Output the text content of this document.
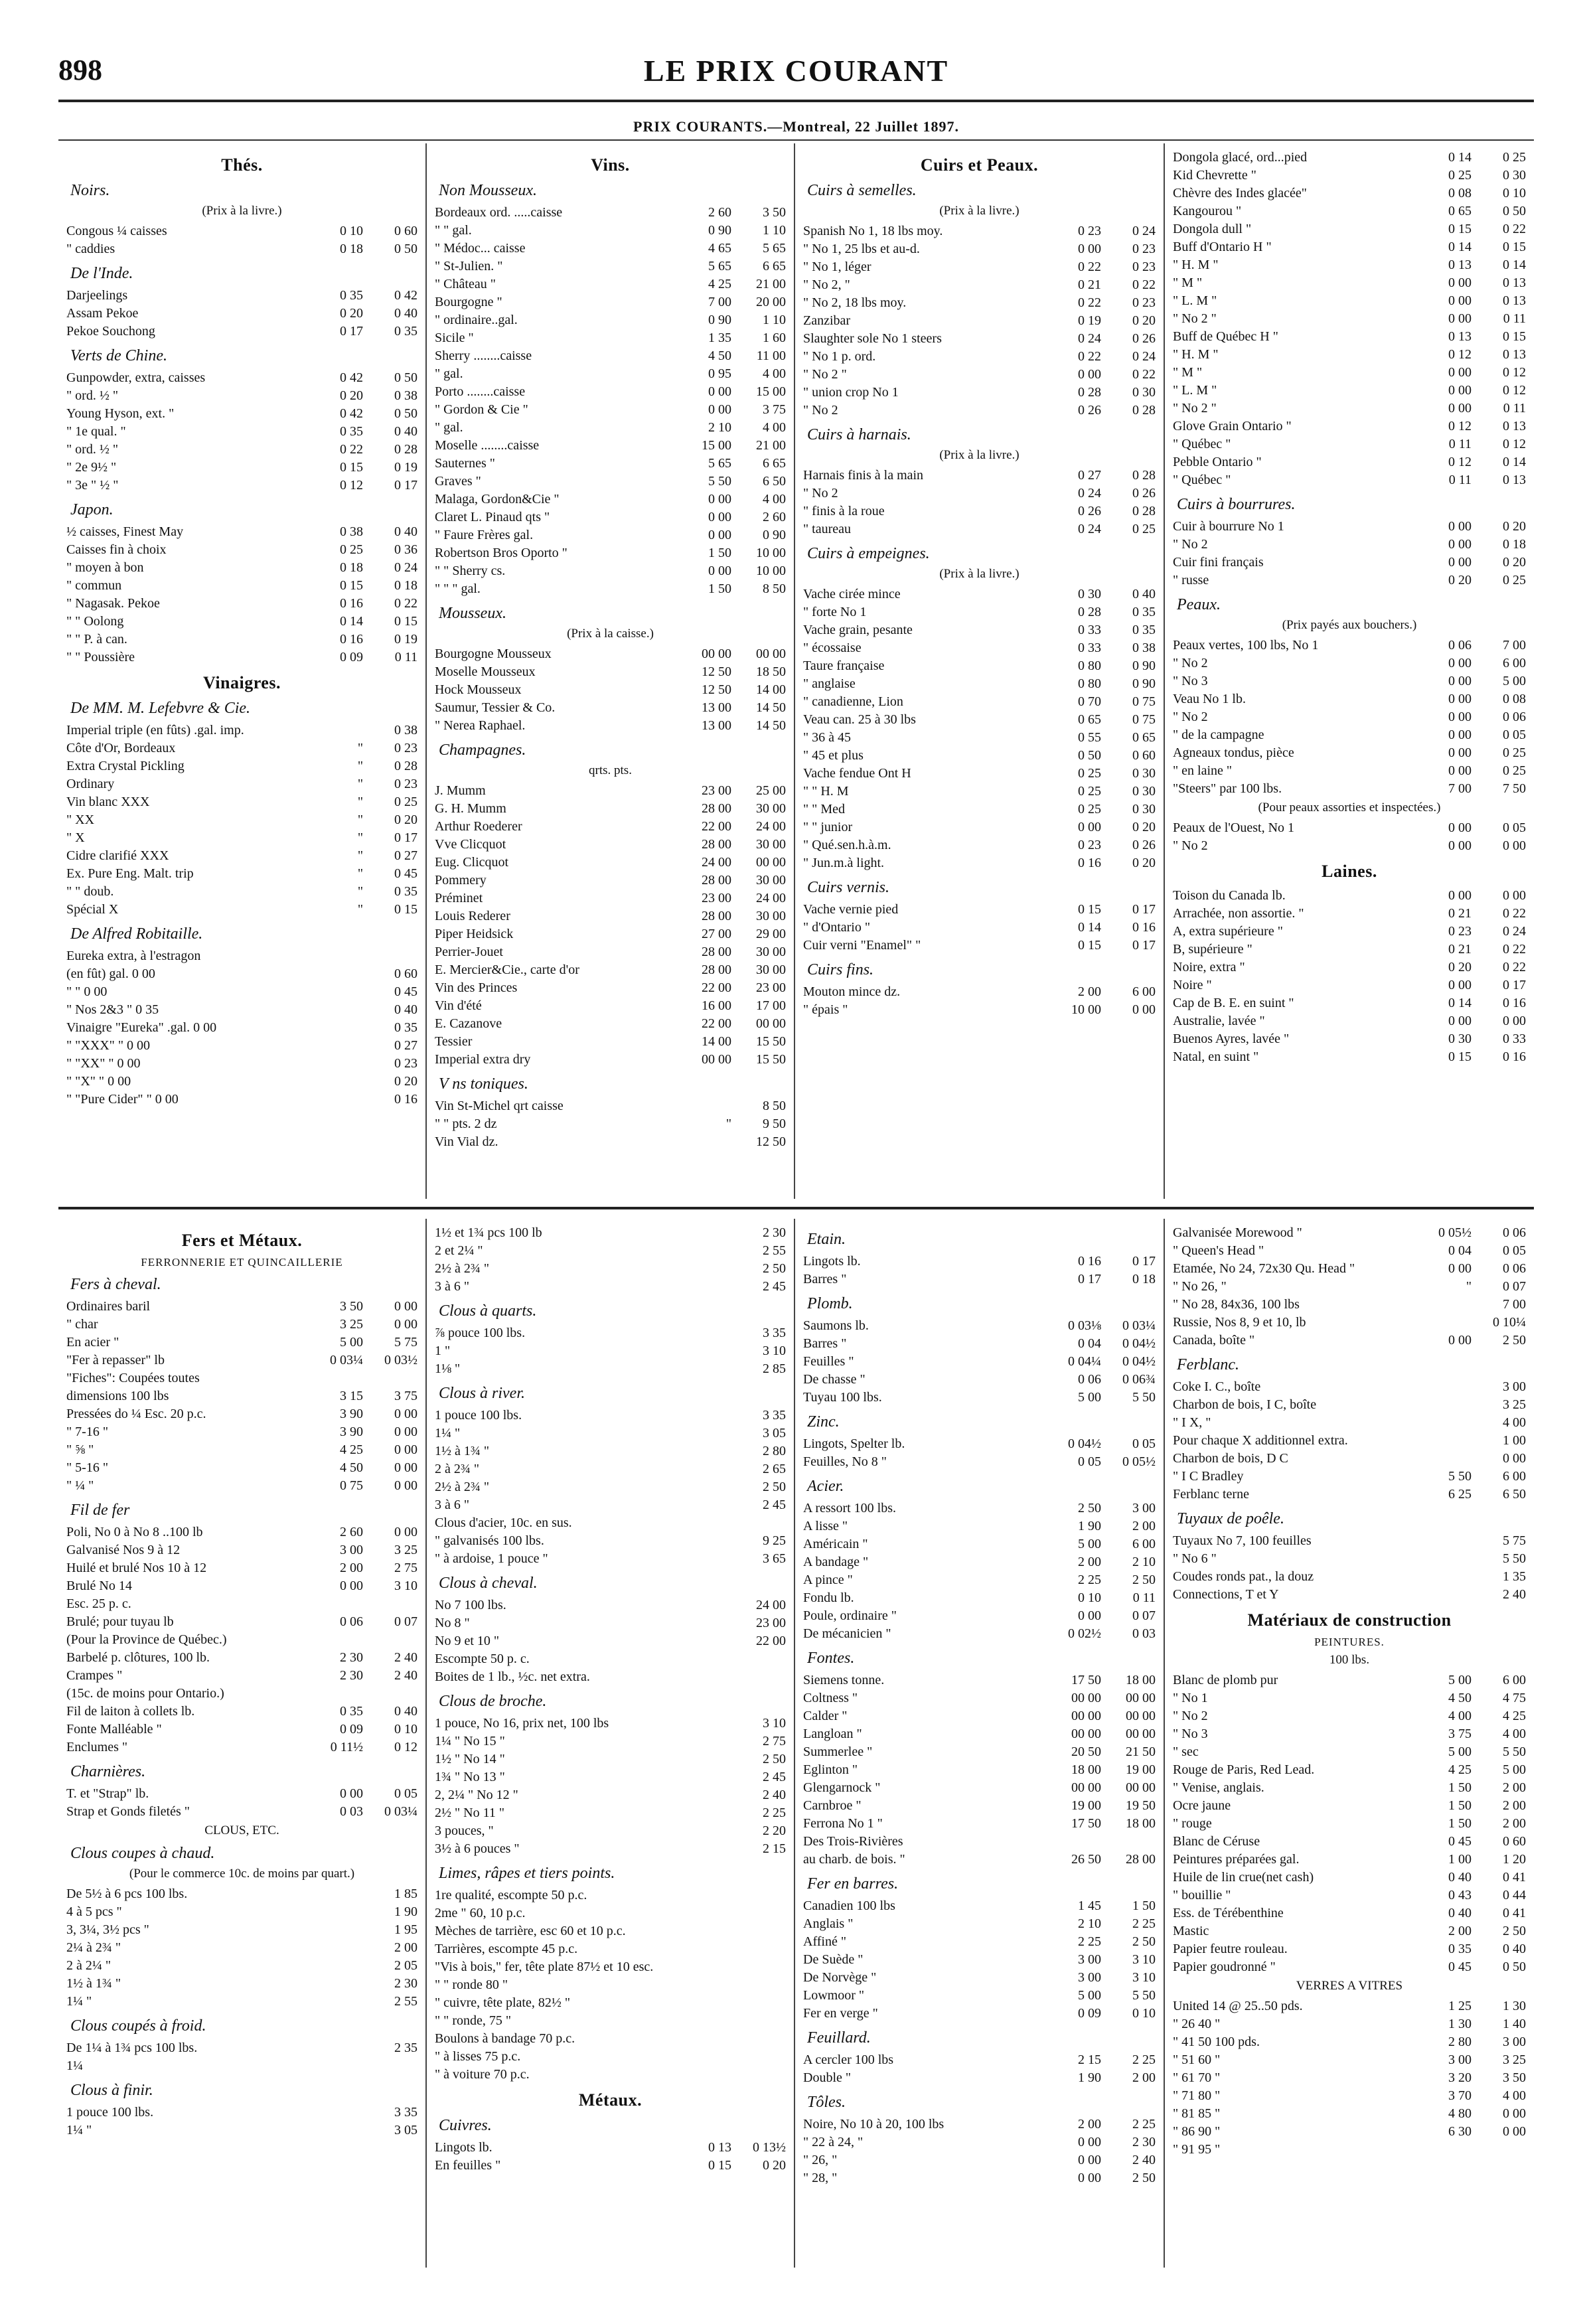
898	LE PRIX COURANT
PRIX COURANTS.—Montreal, 22 Juillet 1897.
Thés.
Noirs.
(Prix à la livre.)
Congous ¼ caisses	0 10	0 60
" caddies	0 18	0 50
De l'Inde.
Darjeelings	0 35	0 42
Assam Pekoe	0 20	0 40
Pekoe Souchong	0 17	0 35
Verts de Chine.
Gunpowder, extra, caisses	0 42	0 50
" ord. ½ "	0 20	0 38
Young Hyson, ext. "	0 42	0 50
" 1e qual. "	0 35	0 40
" ord. ½ "	0 22	0 28
" 2e 9½ "	0 15	0 19
" 3e " ½ "	0 12	0 17
Japon.
½ caisses, Finest May	0 38	0 40
Caisses fin à choix	0 25	0 36
" moyen à bon	0 18	0 24
" commun	0 15	0 18
" Nagasak. Pekoe	0 16	0 22
" " Oolong	0 14	0 15
" " P. à can.	0 16	0 19
" " Poussière	0 09	0 11
Vinaigres.
De MM. M. Lefebvre & Cie.
Imperial triple (en fûts) .gal. imp.	0 38
Côte d'Or, Bordeaux	"	0 23
Extra Crystal Pickling	"	0 28
Ordinary	"	0 23
Vin blanc XXX	"	0 25
" XX	"	0 20
" X	"	0 17
Cidre clarifié XXX	"	0 27
Ex. Pure Eng. Malt. trip	"	0 45
" " doub.	"	0 35
Spécial X	"	0 15
De Alfred Robitaille.
Eureka extra, à l'estragon
(en fût) gal. 0 00	0 60
" " 0 00	0 45
" Nos 2&3 " 0 35	0 40
Vinaigre "Eureka" .gal. 0 00	0 35
" "XXX" " 0 00	0 27
" "XX" " 0 00	0 23
" "X" " 0 00	0 20
" "Pure Cider" " 0 00	0 16
Vins.
Non Mousseux.
Bordeaux ord. .....caisse	2 60	3 50
" " gal.	0 90	1 10
" Médoc... caisse	4 65	5 65
" St-Julien. "	5 65	6 65
" Château "	4 25	21 00
Bourgogne "	7 00	20 00
" ordinaire..gal.	0 90	1 10
Sicile "	1 35	1 60
Sherry ........caisse	4 50	11 00
" gal.	0 95	4 00
Porto ........caisse	0 00	15 00
" Gordon & Cie "	0 00	3 75
" gal.	2 10	4 00
Moselle ........caisse	15 00	21 00
Sauternes "	5 65	6 65
Graves "	5 50	6 50
Malaga, Gordon&Cie "	0 00	4 00
Claret L. Pinaud qts "	0 00	2 60
" Faure Frères gal.	0 00	0 90
Robertson Bros Oporto "	1 50	10 00
" " Sherry cs.	0 00	10 00
" " " gal.	1 50	8 50
Mousseux.
(Prix à la caisse.)
Bourgogne Mousseux	00 00	00 00
Moselle Mousseux	12 50	18 50
Hock Mousseux	12 50	14 00
Saumur, Tessier & Co.	13 00	14 50
" Nerea Raphael.	13 00	14 50
Champagnes.
qrts. pts.
J. Mumm	23 00	25 00
G. H. Mumm	28 00	30 00
Arthur Roederer	22 00	24 00
Vve Clicquot	28 00	30 00
Eug. Clicquot	24 00	00 00
Pommery	28 00	30 00
Préminet	23 00	24 00
Louis Rederer	28 00	30 00
Piper Heidsick	27 00	29 00
Perrier-Jouet	28 00	30 00
E. Mercier&Cie., carte d'or	28 00	30 00
Vin des Princes	22 00	23 00
Vin d'été	16 00	17 00
E. Cazanove	22 00	00 00
Tessier	14 00	15 50
Imperial extra dry	00 00	15 50
V ns toniques.
Vin St-Michel qrt caisse	8 50
" " pts. 2 dz	"	9 50
Vin Vial dz.	12 50
Cuirs et Peaux.
Cuirs à semelles.
(Prix à la livre.)
Spanish No 1, 18 lbs moy.	0 23	0 24
" No 1, 25 lbs et au-d.	0 00	0 23
" No 1, léger	0 22	0 23
" No 2, "	0 21	0 22
" No 2, 18 lbs moy.	0 22	0 23
Zanzibar	0 19	0 20
Slaughter sole No 1 steers	0 24	0 26
" No 1 p. ord.	0 22	0 24
" No 2 "	0 00	0 22
" union crop No 1	0 28	0 30
" No 2	0 26	0 28
Cuirs à harnais.
(Prix à la livre.)
Harnais finis à la main	0 27	0 28
" No 2	0 24	0 26
" finis à la roue	0 26	0 28
" taureau	0 24	0 25
Cuirs à empeignes.
(Prix à la livre.)
Vache cirée mince	0 30	0 40
" forte No 1	0 28	0 35
Vache grain, pesante	0 33	0 35
" écossaise	0 33	0 38
Taure française	0 80	0 90
" anglaise	0 80	0 90
" canadienne, Lion	0 70	0 75
Veau can. 25 à 30 lbs	0 65	0 75
" 36 à 45	0 55	0 65
" 45 et plus	0 50	0 60
Vache fendue Ont H	0 25	0 30
" " H. M	0 25	0 30
" " Med	0 25	0 30
" " junior	0 00	0 20
" Qué.sen.h.à.m.	0 23	0 26
" Jun.m.à light.	0 16	0 20
Cuirs vernis.
Vache vernie pied	0 15	0 17
" d'Ontario "	0 14	0 16
Cuir verni "Enamel" "	0 15	0 17
Cuirs fins.
Mouton mince dz.	2 00	6 00
" épais "	10 00	0 00
Dongola glacé, ord...pied	0 14	0 25
Kid Chevrette "	0 25	0 30
Chèvre des Indes glacée"	0 08	0 10
Kangourou "	0 65	0 50
Dongola dull "	0 15	0 22
Buff d'Ontario H "	0 14	0 15
" H. M "	0 13	0 14
" M "	0 00	0 13
" L. M "	0 00	0 13
" No 2 "	0 00	0 11
Buff de Québec H "	0 13	0 15
" H. M "	0 12	0 13
" M "	0 00	0 12
" L. M "	0 00	0 12
" No 2 "	0 00	0 11
Glove Grain Ontario "	0 12	0 13
" Québec "	0 11	0 12
Pebble Ontario "	0 12	0 14
" Québec "	0 11	0 13
Cuirs à bourrures.
Cuir à bourrure No 1	0 00	0 20
" No 2	0 00	0 18
Cuir fini français	0 00	0 20
" russe	0 20	0 25
Peaux.
(Prix payés aux bouchers.)
Peaux vertes, 100 lbs, No 1	0 06	7 00
" No 2	0 00	6 00
" No 3	0 00	5 00
Veau No 1 lb.	0 00	0 08
" No 2	0 00	0 06
" de la campagne	0 00	0 05
Agneaux tondus, pièce	0 00	0 25
" en laine "	0 00	0 25
"Steers" par 100 lbs.	7 00	7 50
(Pour peaux assorties et inspectées.)
Peaux de l'Ouest, No 1	0 00	0 05
" No 2	0 00	0 00
Laines.
Toison du Canada lb.	0 00	0 00
Arrachée, non assortie. "	0 21	0 22
A, extra supérieure "	0 23	0 24
B, supérieure "	0 21	0 22
Noire, extra "	0 20	0 22
Noire "	0 00	0 17
Cap de B. E. en suint "	0 14	0 16
Australie, lavée "	0 00	0 00
Buenos Ayres, lavée "	0 30	0 33
Natal, en suint "	0 15	0 16
Fers et Métaux.
FERRONNERIE ET QUINCAILLERIE
Fers à cheval.
Ordinaires baril	3 50	0 00
" char	3 25	0 00
En acier "	5 00	5 75
"Fer à repasser" lb	0 03¼	0 03½
"Fiches": Coupées toutes
dimensions 100 lbs	3 15	3 75
Pressées do ¼ Esc. 20 p.c.	3 90	0 00
" 7-16 "	3 90	0 00
" ⅝ "	4 25	0 00
" 5-16 "	4 50	0 00
" ¼ "	0 75	0 00
Fil de fer
Poli, No 0 à No 8 ..100 lb	2 60	0 00
Galvanisé Nos 9 à 12	3 00	3 25
Huilé et brulé Nos 10 à 12	2 00	2 75
Brulé No 14	0 00	3 10
Esc. 25 p. c.
Brulé; pour tuyau lb	0 06	0 07
(Pour la Province de Québec.)
Barbelé p. clôtures, 100 lb.	2 30	2 40
Crampes "	2 30	2 40
(15c. de moins pour Ontario.)
Fil de laiton à collets lb.	0 35	0 40
Fonte Malléable "	0 09	0 10
Enclumes "	0 11½	0 12
Charnières.
T. et "Strap" lb.	0 00	0 05
Strap et Gonds filetés "	0 03	0 03¼
CLOUS, ETC.
Clous coupes à chaud.
(Pour le commerce 10c. de moins par quart.)
De 5½ à 6 pcs 100 lbs.	1 85
4 à 5 pcs "	1 90
3, 3¼, 3½ pcs "	1 95
2¼ à 2¾ "	2 00
2 à 2¼ "	2 05
1½ à 1¾ "	2 30
1¼ "	2 55
Clous coupés à froid.
De 1¼ à 1¾ pcs 100 lbs.	2 35
1¼
Clous à finir.
1 pouce 100 lbs.	3 35
1¼ "	3 05
1½ et 1¾ pcs 100 lb	2 30
2 et 2¼ "	2 55
2½ à 2¾ "	2 50
3 à 6 "	2 45
Clous à quarts.
⅞ pouce 100 lbs.	3 35
1 "	3 10
1⅛ "	2 85
Clous à river.
1 pouce 100 lbs.	3 35
1¼ "	3 05
1½ à 1¾ "	2 80
2 à 2¾ "	2 65
2½ à 2¾ "	2 50
3 à 6 "	2 45
Clous d'acier, 10c. en sus.
" galvanisés 100 lbs.	9 25
" à ardoise, 1 pouce "	3 65
Clous à cheval.
No 7 100 lbs.	24 00
No 8 "	23 00
No 9 et 10 "	22 00
Escompte 50 p. c.
Boites de 1 lb., ½c. net extra.
Clous de broche.
1 pouce, No 16, prix net, 100 lbs	3 10
1¼ " No 15 "	2 75
1½ " No 14 "	2 50
1¾ " No 13 "	2 45
2, 2¼ " No 12 "	2 40
2½ " No 11 "	2 25
3 pouces, "	2 20
3½ à 6 pouces "	2 15
Limes, râpes et tiers points.
1re qualité, escompte 50 p.c.
2me " 60, 10 p.c.
Mèches de tarrière, esc 60 et 10 p.c.
Tarrières, escompte 45 p.c.
"Vis à bois," fer, tête plate 87½ et 10 esc.
" " ronde 80 "
" cuivre, tête plate, 82½ "
" " ronde, 75 "
Boulons à bandage 70 p.c.
" à lisses 75 p.c.
" à voiture 70 p.c.
Métaux.
Cuivres.
Lingots lb.	0 13	0 13½
En feuilles "	0 15	0 20
Etain.
Lingots lb.	0 16	0 17
Barres "	0 17	0 18
Plomb.
Saumons lb.	0 03⅛	0 03¼
Barres "	0 04	0 04½
Feuilles "	0 04¼	0 04½
De chasse "	0 06	0 06¾
Tuyau 100 lbs.	5 00	5 50
Zinc.
Lingots, Spelter lb.	0 04½	0 05
Feuilles, No 8 "	0 05	0 05½
Acier.
A ressort 100 lbs.	2 50	3 00
A lisse "	1 90	2 00
Américain "	5 00	6 00
A bandage "	2 00	2 10
A pince "	2 25	2 50
Fondu lb.	0 10	0 11
Poule, ordinaire "	0 00	0 07
De mécanicien "	0 02½	0 03
Fontes.
Siemens tonne.	17 50	18 00
Coltness "	00 00	00 00
Calder "	00 00	00 00
Langloan "	00 00	00 00
Summerlee "	20 50	21 50
Eglinton "	18 00	19 00
Glengarnock "	00 00	00 00
Carnbroe "	19 00	19 50
Ferrona No 1 "	17 50	18 00
Des Trois-Rivières
au charb. de bois. "	26 50	28 00
Fer en barres.
Canadien 100 lbs	1 45	1 50
Anglais "	2 10	2 25
Affiné "	2 25	2 50
De Suède "	3 00	3 10
De Norvège "	3 00	3 10
Lowmoor "	5 00	5 50
Fer en verge "	0 09	0 10
Feuillard.
A cercler 100 lbs	2 15	2 25
Double "	1 90	2 00
Tôles.
Noire, No 10 à 20, 100 lbs	2 00	2 25
" 22 à 24, "	0 00	2 30
" 26, "	0 00	2 40
" 28, "	0 00	2 50
Galvanisée Morewood "	0 05½	0 06
" Queen's Head "	0 04	0 05
Etamée, No 24, 72x30 Qu. Head "	0 00	0 06
" No 26, "	"	0 07
" No 28, 84x36, 100 lbs	7 00
Russie, Nos 8, 9 et 10, lb	0 10¼
Canada, boîte "	0 00	2 50
Ferblanc.
Coke I. C., boîte	3 00
Charbon de bois, I C, boîte	3 25
" I X, "	4 00
Pour chaque X additionnel extra.	1 00
Charbon de bois, D C	0 00
" I C Bradley	5 50	6 00
Ferblanc terne	6 25	6 50
Tuyaux de poêle.
Tuyaux No 7, 100 feuilles	5 75
" No 6 "	5 50
Coudes ronds pat., la douz	1 35
Connections, T et Y	2 40
Matériaux de construction
PEINTURES.
100 lbs.
Blanc de plomb pur	5 00	6 00
" No 1	4 50	4 75
" No 2	4 00	4 25
" No 3	3 75	4 00
" sec	5 00	5 50
Rouge de Paris, Red Lead.	4 25	5 00
" Venise, anglais.	1 50	2 00
Ocre jaune	1 50	2 00
" rouge	1 50	2 00
Blanc de Céruse	0 45	0 60
Peintures préparées gal.	1 00	1 20
Huile de lin crue(net cash)	0 40	0 41
" bouillie "	0 43	0 44
Ess. de Térébenthine	0 40	0 41
Mastic	2 00	2 50
Papier feutre rouleau.	0 35	0 40
Papier goudronné "	0 45	0 50
VERRES A VITRES
United 14 @ 25..50 pds.	1 25	1 30
" 26 40 "	1 30	1 40
" 41 50 100 pds.	2 80	3 00
" 51 60 "	3 00	3 25
" 61 70 "	3 20	3 50
" 71 80 "	3 70	4 00
" 81 85 "	4 80	0 00
" 86 90 "	6 30	0 00
" 91 95 "
